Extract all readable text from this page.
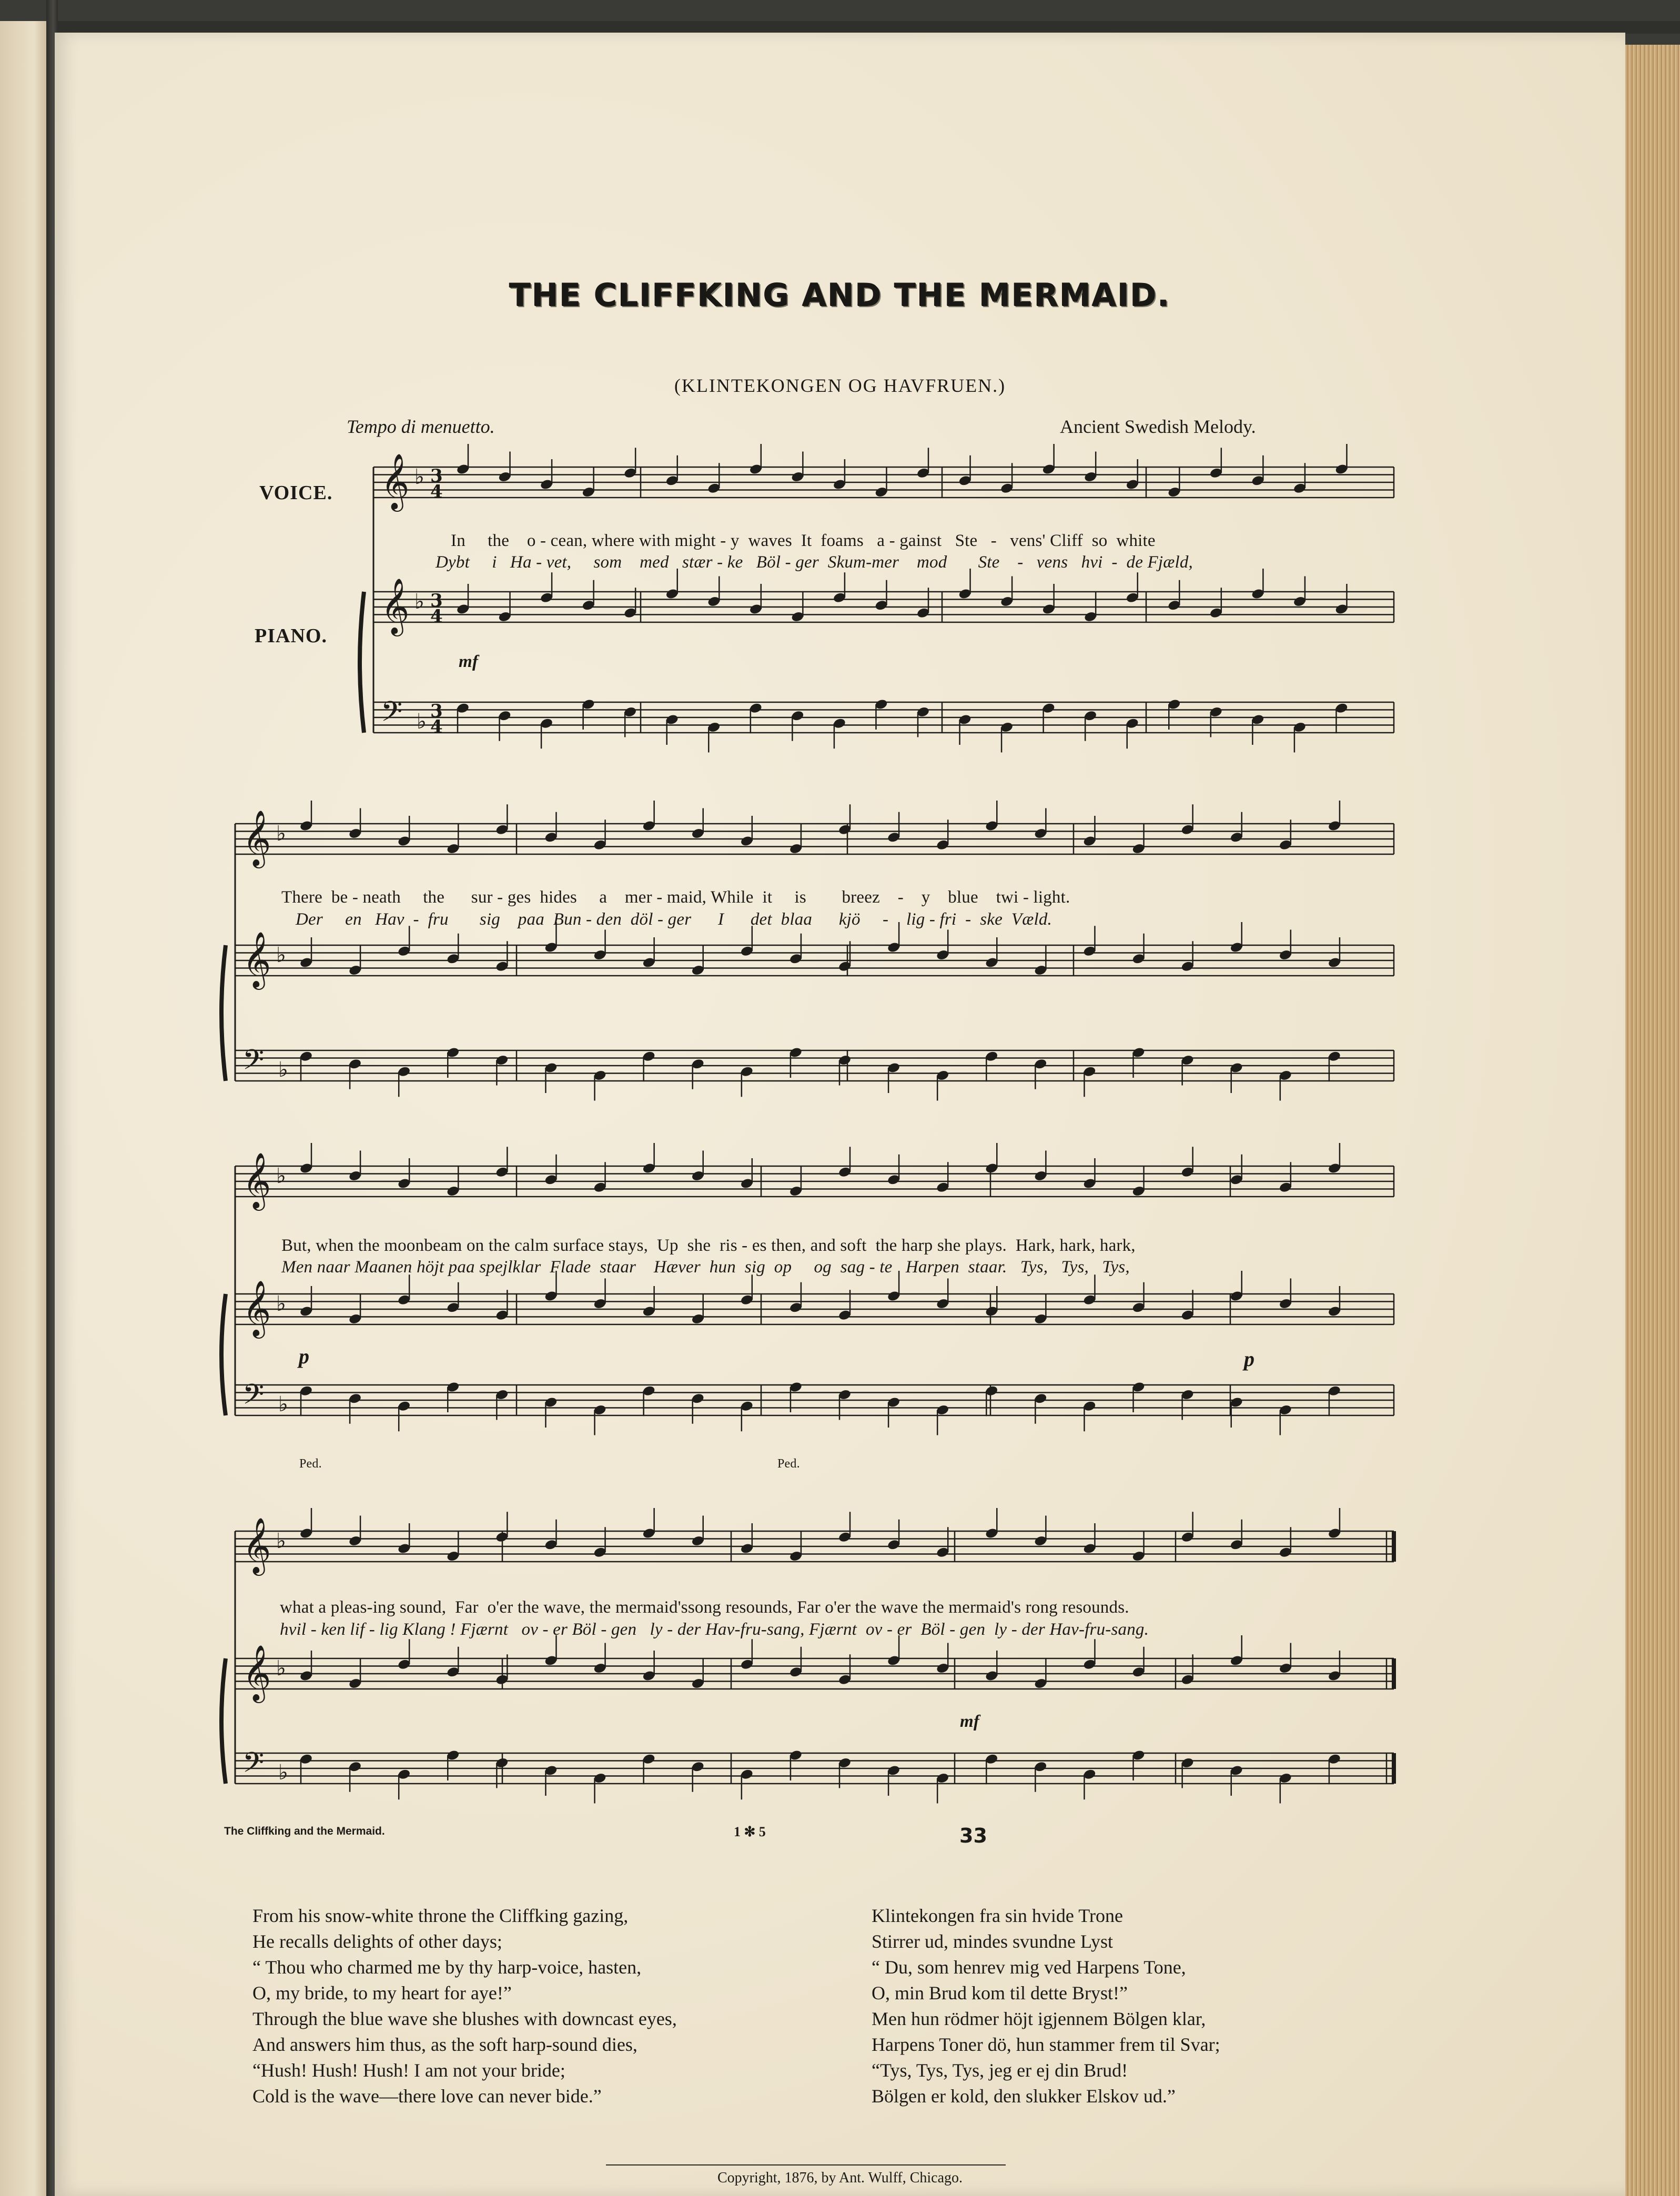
THE CLIFFKING AND THE MERMAID.
(KLINTEKONGEN OG HAVFRUEN.)
Tempo di menuetto.	Ancient Swedish Melody.
VOICE.
PIANO.
𝄞 ♭ 3
4
𝄞 ♭ 3
4
𝄢 ♭ 3
4
𝄞 ♭
𝄞 ♭
𝄢 ♭
𝄞 ♭
𝄞 ♭
𝄢 ♭
𝄞 ♭
𝄞 ♭
𝄢 ♭
In     the    o - cean, where with might - y  waves  It  foams   a - gainst   Ste   -   vens' Cliff  so  white
Dybt     i   Ha - vet,     som    med   stær - ke   Böl - ger  Skum-mer    mod       Ste    -   vens   hvi  -  de Fjæld,
There  be - neath     the      sur - ges  hides     a    mer - maid, While  it     is        breez    -    y    blue    twi - light.
Der     en   Hav  -  fru       sig    paa  Bun - den  döl - ger      I      det  blaa      kjö     -    lig - fri  -  ske  Væld.
But, when the moonbeam on the calm surface stays,  Up  she  ris - es then, and soft  the harp she plays.  Hark, hark, hark,
Men naar Maanen höjt paa spejlklar  Flade  staar    Hæver  hun  sig  op     og  sag - te   Harpen  staar.   Tys,   Tys,   Tys,
what a pleas-ing sound,  Far  o'er the wave, the mermaid'ssong resounds, Far o'er the wave the mermaid's rong resounds.
hvil - ken lif - lig Klang ! Fjærnt   ov - er Böl - gen   ly - der Hav-fru-sang, Fjærnt  ov - er  Böl - gen  ly - der Hav-fru-sang.
mf
p	p
mf
Ped.	Ped.
The Cliffking and the Mermaid.	1 ✻ 5	33
From his snow-white throne the Cliffking gazing,
He recalls delights of other days;
“ Thou who charmed me by thy harp-voice, hasten,
O, my bride, to my heart for aye!”
Through the blue wave she blushes with downcast eyes,
And answers him thus, as the soft harp-sound dies,
“Hush! Hush! Hush! I am not your bride;
Cold is the wave—there love can never bide.”
Klintekongen fra sin hvide Trone
Stirrer ud, mindes svundne Lyst
“ Du, som henrev mig ved Harpens Tone,
O, min Brud kom til dette Bryst!”
Men hun rödmer höjt igjennem Bölgen klar,
Harpens Toner dö, hun stammer frem til Svar;
“Tys, Tys, Tys, jeg er ej din Brud!
Bölgen er kold, den slukker Elskov ud.”
Copyright, 1876, by Ant. Wulff, Chicago.
